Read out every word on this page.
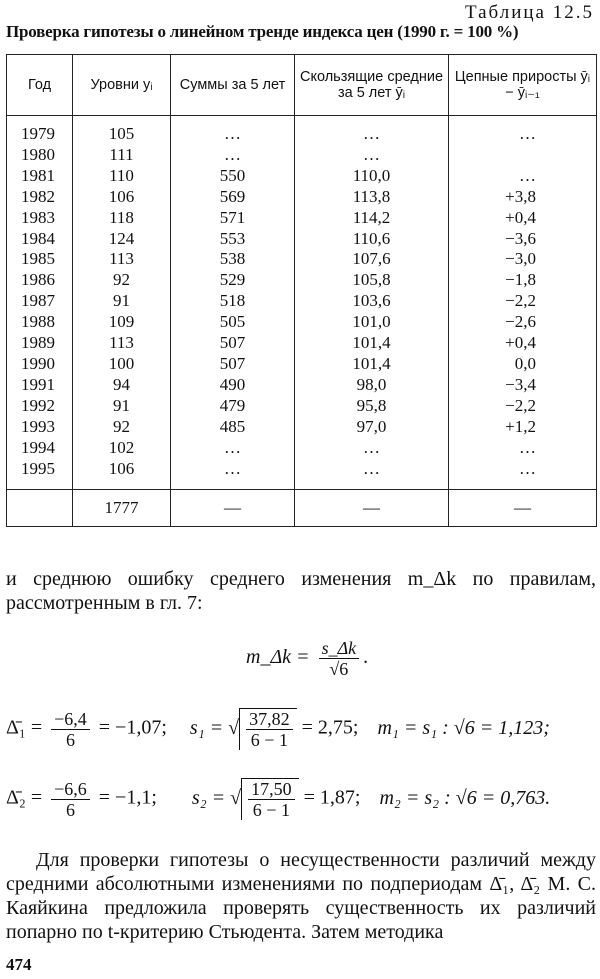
Таблица 12.5
Проверка гипотезы о линейном тренде индекса цен (1990 г. = 100 %)
Год	Уровни yᵢ	Суммы за 5 лет	Скользящие средние за 5 лет ȳᵢ	Цепные приросты ȳᵢ − ȳᵢ₋₁
1979	105	…	…	…
1980	111	…	…	
1981	110	550	110,0	…
1982	106	569	113,8	+3,8
1983	118	571	114,2	+0,4
1984	124	553	110,6	−3,6
1985	113	538	107,6	−3,0
1986	92	529	105,8	−1,8
1987	91	518	103,6	−2,2
1988	109	505	101,0	−2,6
1989	113	507	101,4	+0,4
1990	100	507	101,4	0,0
1991	94	490	98,0	−3,4
1992	91	479	95,8	−2,2
1993	92	485	97,0	+1,2
1994	102	…	…	…
1995	106	…	…	…
	1777	—	—	—
и среднюю ошибку среднего изменения m_Δk по правилам, рассмотренным в гл. 7:
m_Δk = $\frac{s\_\Delta k}{√6}$ .
Δ̄₁ = $\frac{-6,4}{6} = -1,07$; s₁ = √ $\frac{37,82}{6 - 1} = 2,75$; m₁ = s₁ : √6 = 1,123;
Δ̄₂ = $\frac{-6,6}{6} = -1,1$; s₂ = √ $\frac{17,50}{6 - 1} = 1,87$; m₂ = s₂ : √6 = 0,763.
Для проверки гипотезы о несущественности различий между средними абсолютными изменениями по подпериодам Δ̄₁, Δ̄₂ М. С. Каяйкина предложила проверять существенность их различий попарно по t-критерию Стьюдента. Затем методика
474
